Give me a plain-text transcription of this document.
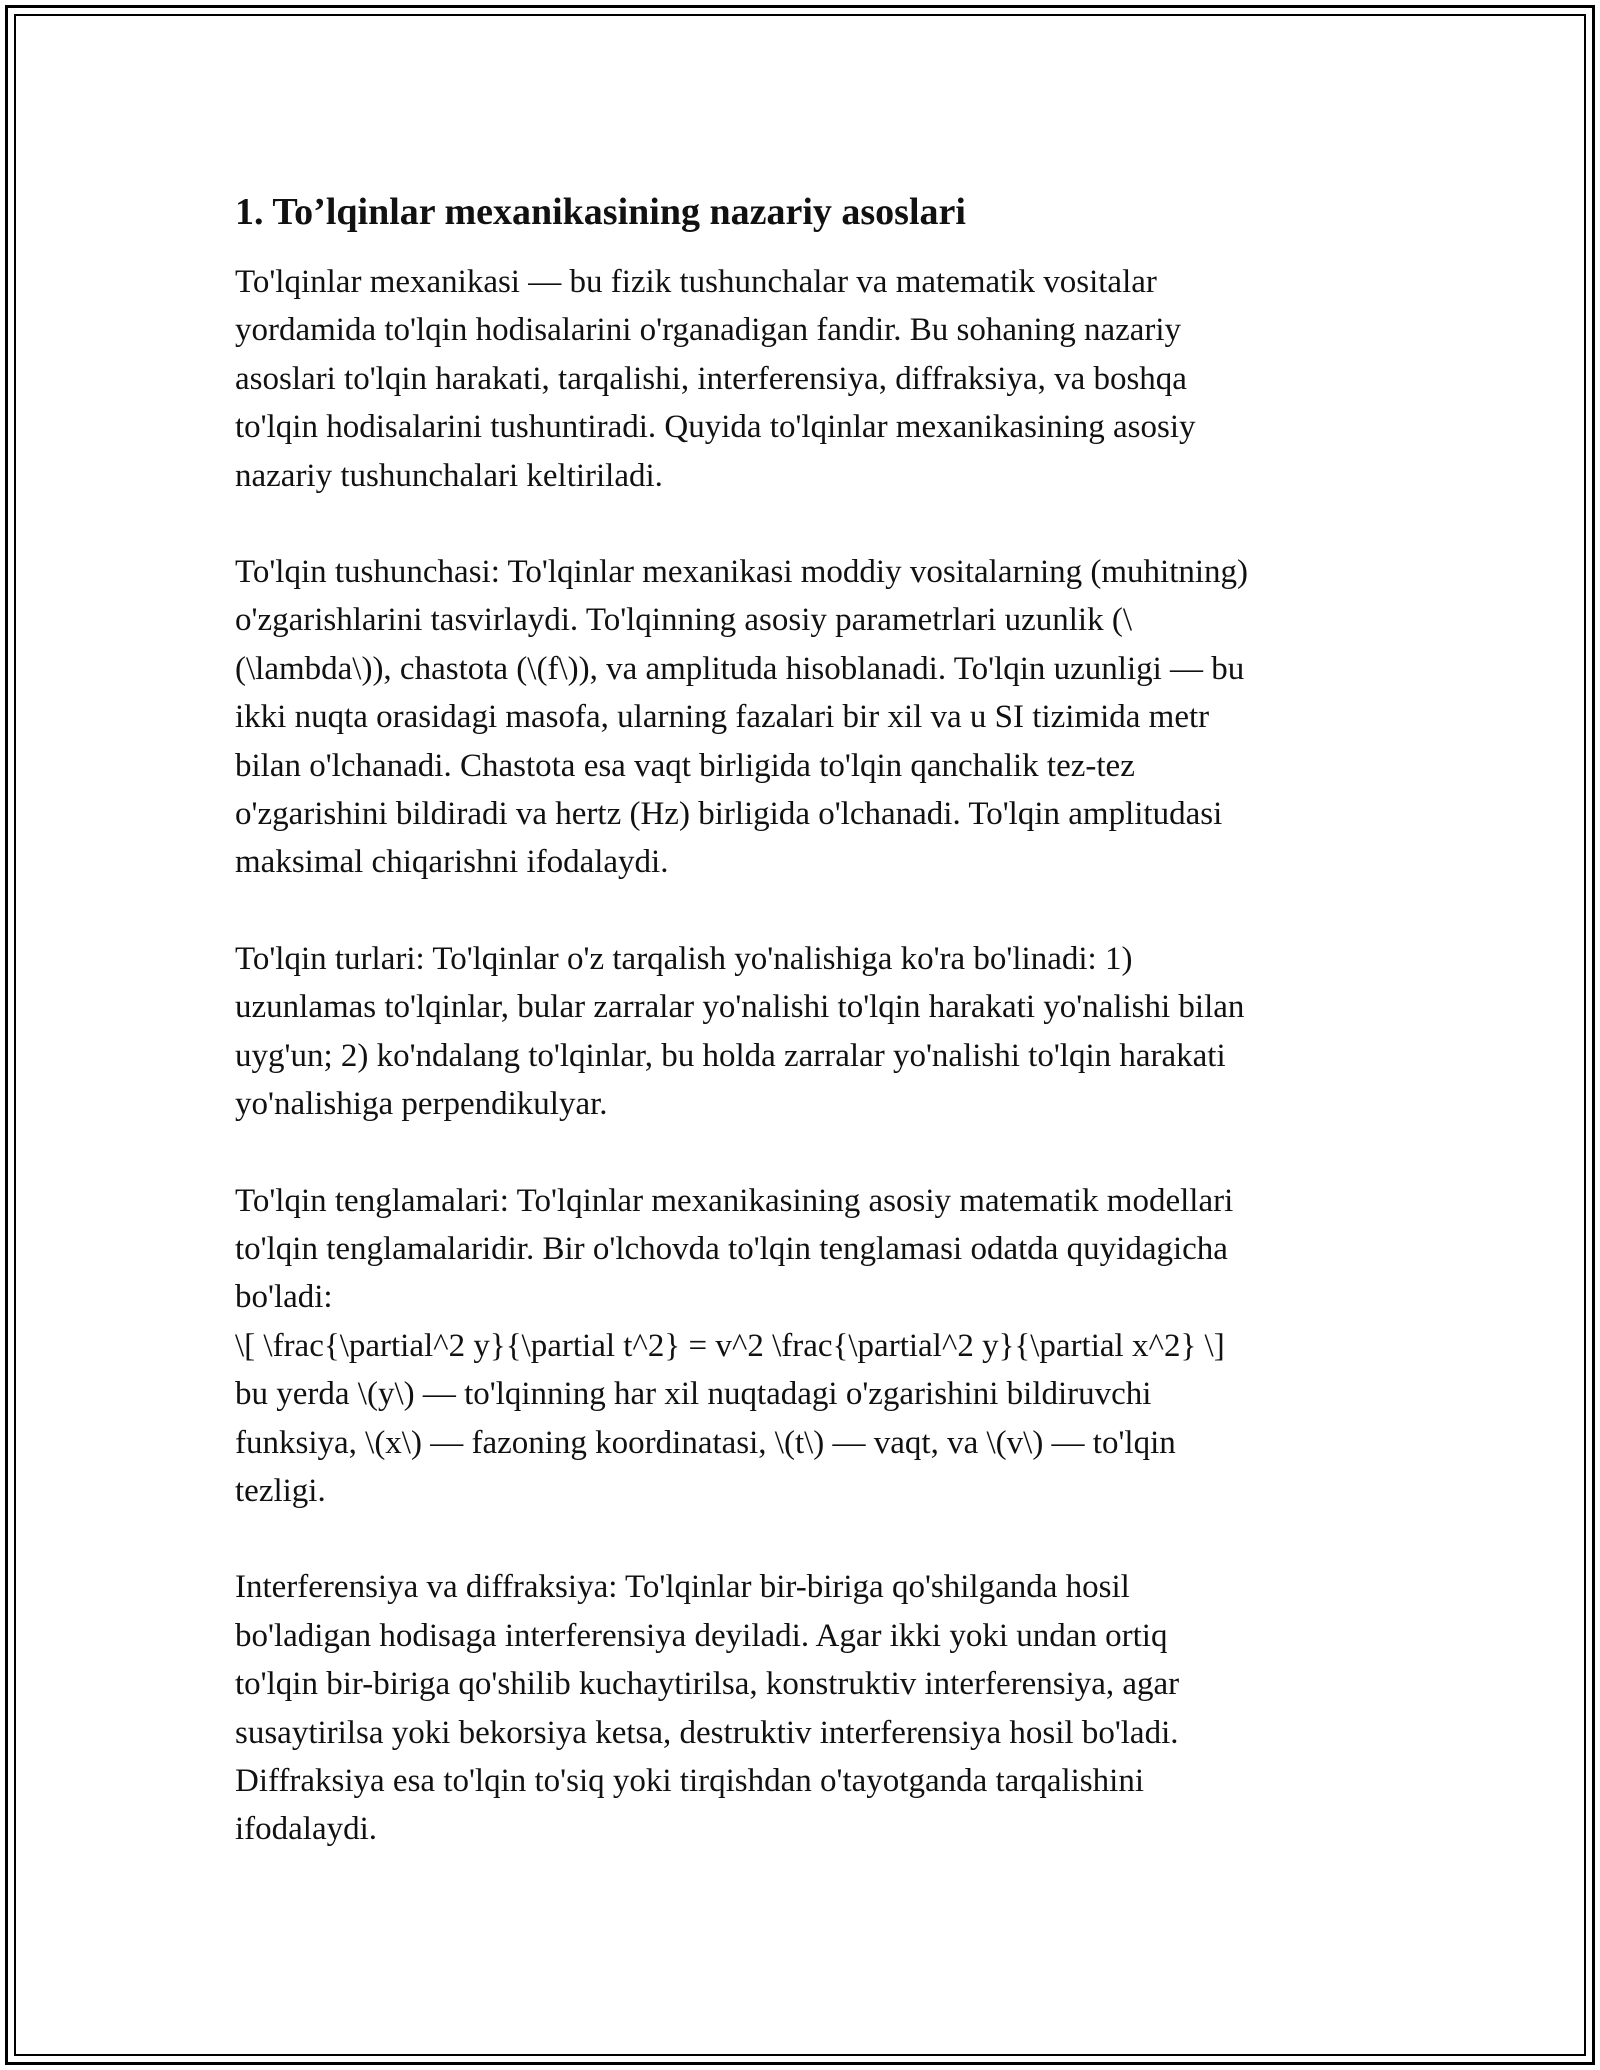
1. To’lqinlar mexanikasining nazariy asoslari

To'lqinlar mexanikasi — bu fizik tushunchalar va matematik vositalar
yordamida to'lqin hodisalarini o'rganadigan fandir. Bu sohaning nazariy
asoslari to'lqin harakati, tarqalishi, interferensiya, diffraksiya, va boshqa
to'lqin hodisalarini tushuntiradi. Quyida to'lqinlar mexanikasining asosiy
nazariy tushunchalari keltiriladi.

To'lqin tushunchasi: To'lqinlar mexanikasi moddiy vositalarning (muhitning)
o'zgarishlarini tasvirlaydi. To'lqinning asosiy parametrlari uzunlik (\
(\lambda\)), chastota (\(f\)), va amplituda hisoblanadi. To'lqin uzunligi — bu
ikki nuqta orasidagi masofa, ularning fazalari bir xil va u SI tizimida metr
bilan o'lchanadi. Chastota esa vaqt birligida to'lqin qanchalik tez-tez
o'zgarishini bildiradi va hertz (Hz) birligida o'lchanadi. To'lqin amplitudasi
maksimal chiqarishni ifodalaydi.

To'lqin turlari: To'lqinlar o'z tarqalish yo'nalishiga ko'ra bo'linadi: 1)
uzunlamas to'lqinlar, bular zarralar yo'nalishi to'lqin harakati yo'nalishi bilan
uyg'un; 2) ko'ndalang to'lqinlar, bu holda zarralar yo'nalishi to'lqin harakati
yo'nalishiga perpendikulyar.

To'lqin tenglamalari: To'lqinlar mexanikasining asosiy matematik modellari
to'lqin tenglamalaridir. Bir o'lchovda to'lqin tenglamasi odatda quyidagicha
bo'ladi:
\[ \frac{\partial^2 y}{\partial t^2} = v^2 \frac{\partial^2 y}{\partial x^2} \]
bu yerda \(y\) — to'lqinning har xil nuqtadagi o'zgarishini bildiruvchi
funksiya, \(x\) — fazoning koordinatasi, \(t\) — vaqt, va \(v\) — to'lqin
tezligi.

Interferensiya va diffraksiya: To'lqinlar bir-biriga qo'shilganda hosil
bo'ladigan hodisaga interferensiya deyiladi. Agar ikki yoki undan ortiq
to'lqin bir-biriga qo'shilib kuchaytirilsa, konstruktiv interferensiya, agar
susaytirilsa yoki bekorsiya ketsa, destruktiv interferensiya hosil bo'ladi.
Diffraksiya esa to'lqin to'siq yoki tirqishdan o'tayotganda tarqalishini
ifodalaydi.
